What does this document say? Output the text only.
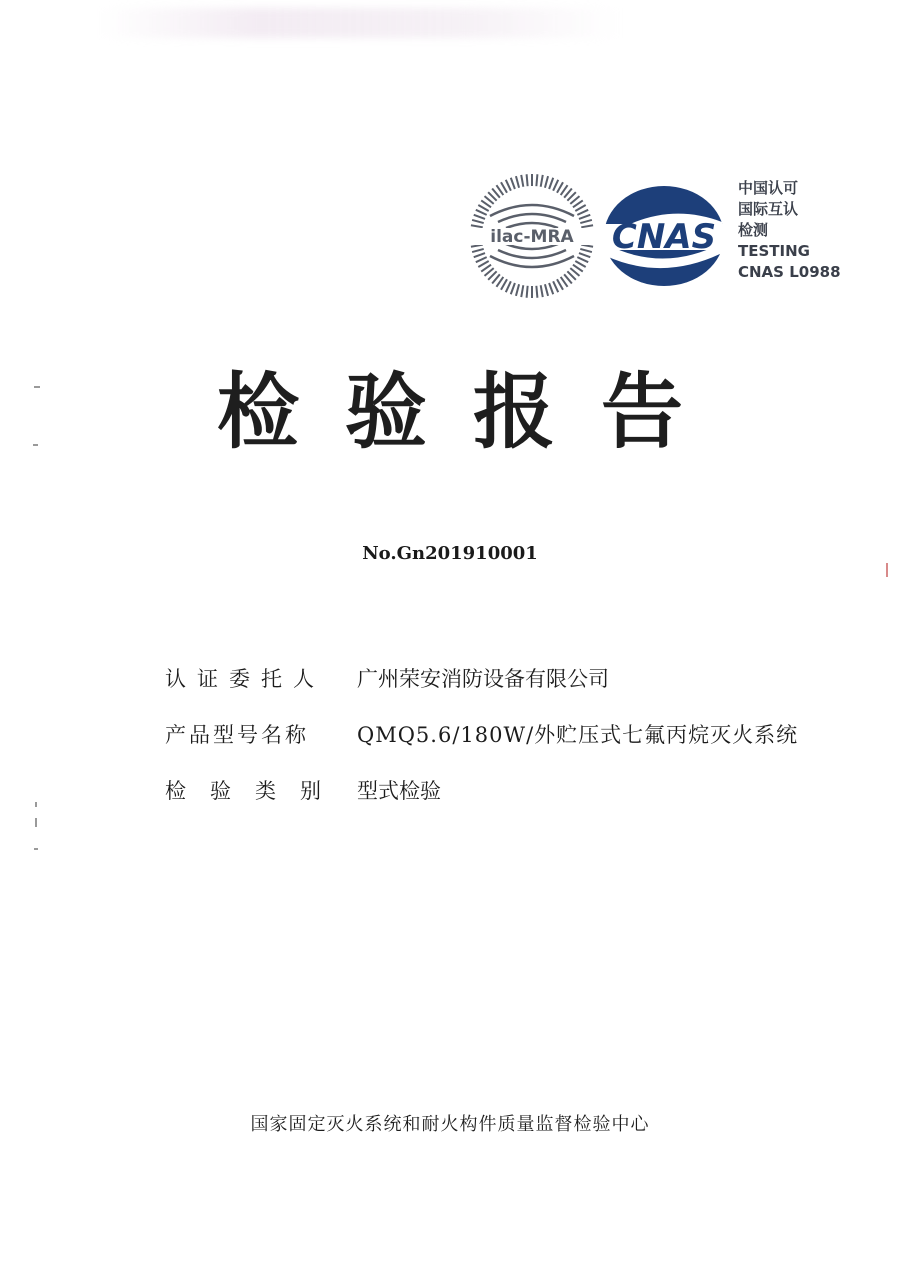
ilac-MRA CNAS
中国认可
国际互认
检测
TESTING
CNAS L0988
检验报告
No.Gn201910001
认证委托人	广州荣安消防设备有限公司
产品型号名称	QMQ5.6/180W/外贮压式七氟丙烷灭火系统
检验类别 型式检验
国家固定灭火系统和耐火构件质量监督检验中心
